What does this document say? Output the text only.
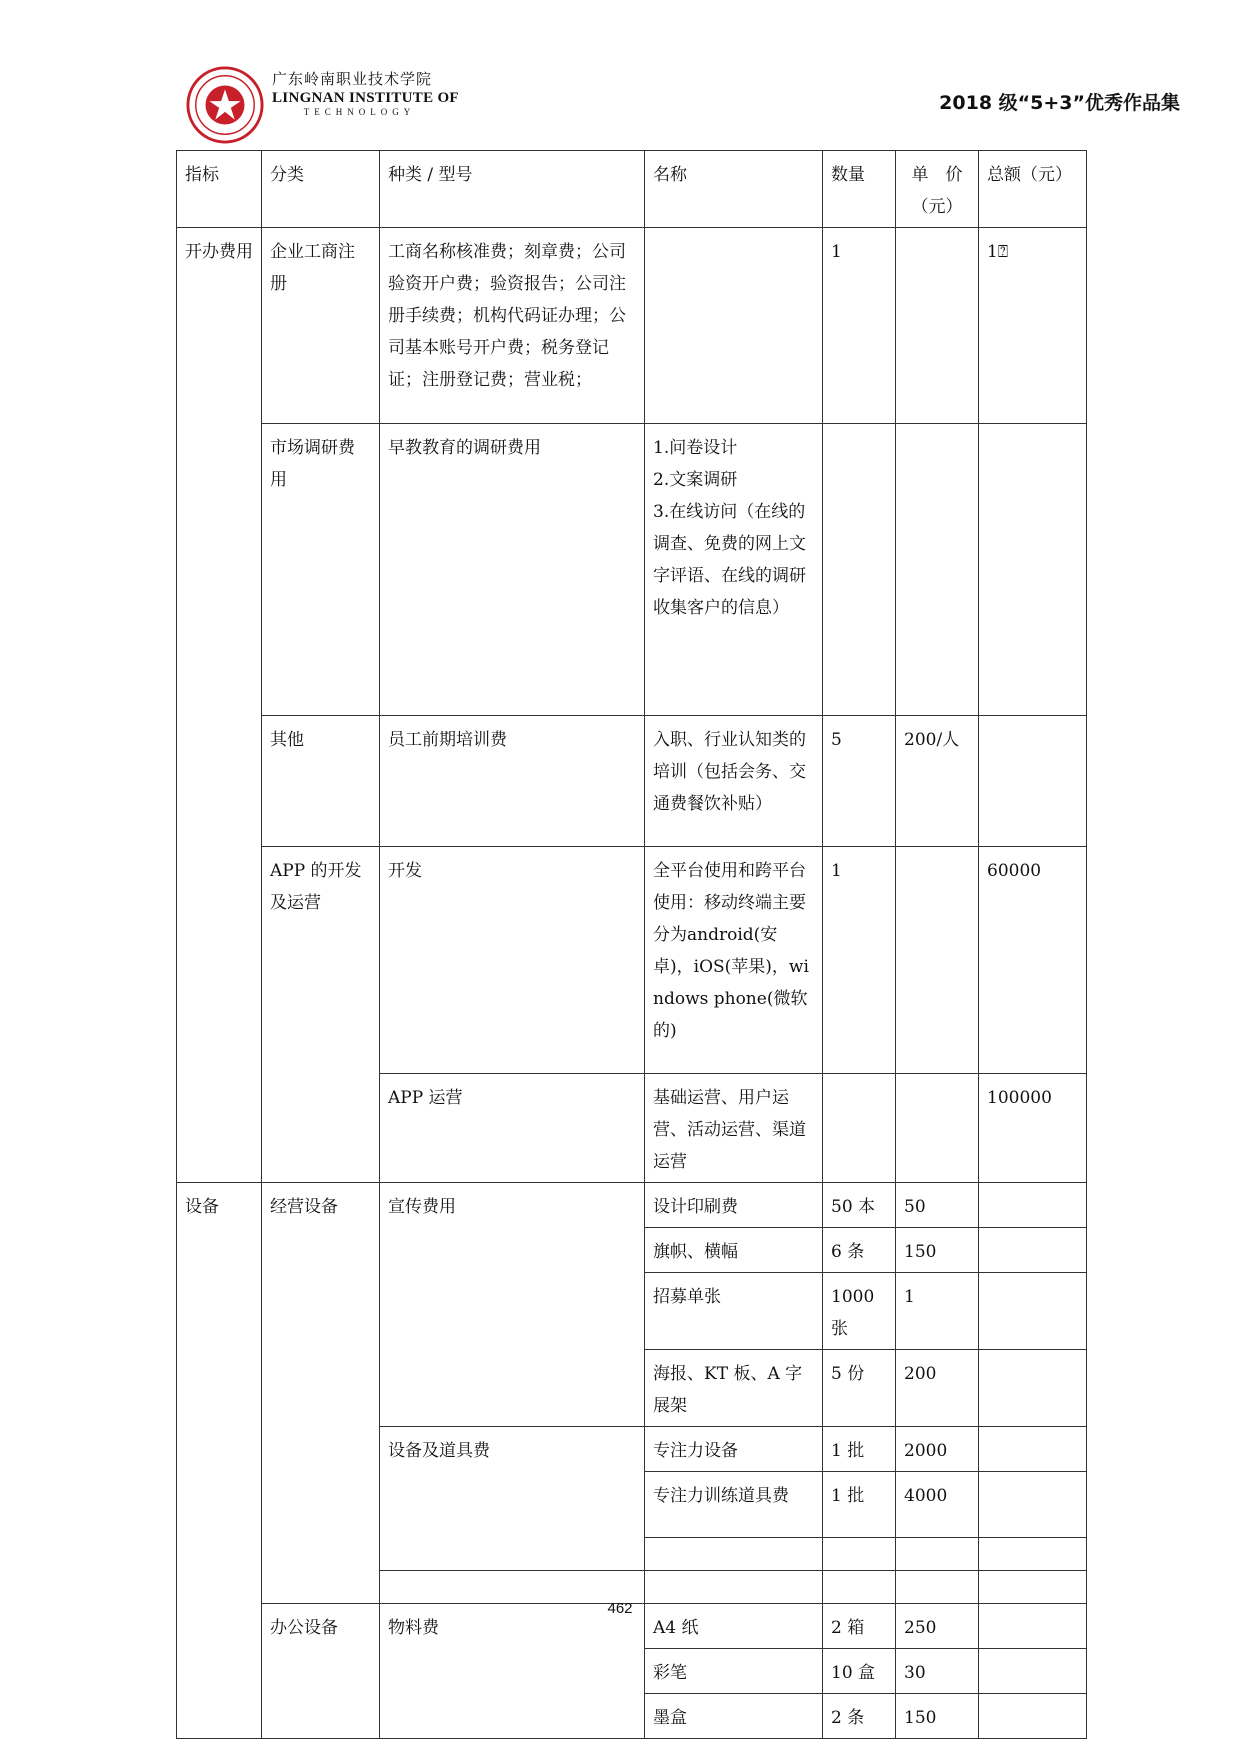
广东岭南职业技术学院
LINGNAN INSTITUTE OF
TECHNOLOGY	2018 级“5+3”优秀作品集
指标	分类	种类 / 型号	名称	数量	单　价（元）	总额（元）
开办费用	企业工商注册	工商名称核准费；刻章费；公司验资开户费；验资报告；公司注册手续费；机构代码证办理；公司基本账号开户费；税务登记证；注册登记费；营业税；		1		1⍰
	市场调研费用	早教教育的调研费用	1.问卷设计
2.文案调研
3.在线访问（在线的调查、免费的网上文字评语、在线的调研收集客户的信息）			
	其他	员工前期培训费	入职、行业认知类的培训（包括会务、交通费餐饮补贴）	5	200/人	
	APP 的开发及运营	开发	全平台使用和跨平台使用：移动终端主要分为android(安卓)，iOS(苹果)，windows phone(微软的)	1		60000
		APP 运营	基础运营、用户运营、活动运营、渠道运营			100000
设备	经营设备	宣传费用	设计印刷费	50 本	50	
			旗帜、横幅	6 条	150	
			招募单张	1000 张	1	
			海报、KT 板、A 字展架	5 份	200	
		设备及道具费	专注力设备	1 批	2000	
			专注力训练道具费	1 批	4000	

	办公设备	物料费	A4 纸	2 箱	250	
			彩笔	10 盒	30	
			墨盒	2 条	150	
462
